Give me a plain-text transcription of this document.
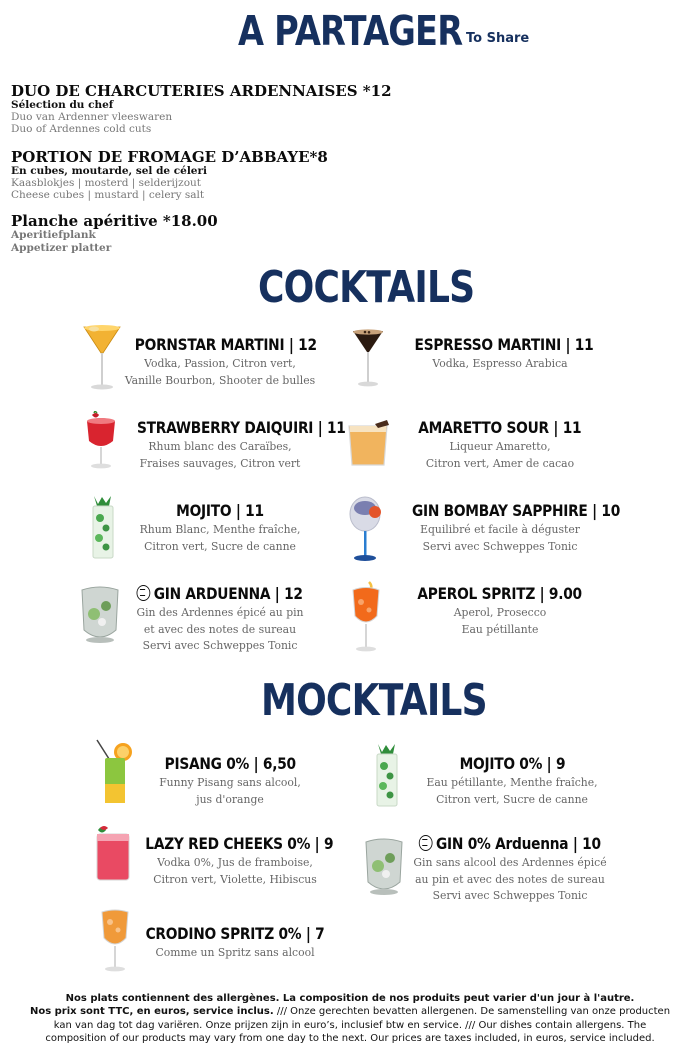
A PARTAGER To Share
DUO DE CHARCUTERIES ARDENNAISES *12
Sélection du chef
Duo van Ardenner vleeswaren
Duo of Ardennes cold cuts
PORTION DE FROMAGE D’ABBAYE*8
En cubes, moutarde, sel de céleri
Kaasblokjes | mosterd | selderijzout
Cheese cubes | mustard | celery salt
Planche apéritive *18.00
Aperitiefplank
Appetizer platter
COCKTAILS
PORNSTAR MARTINI | 12
Vodka, Passion, Citron vert,
Vanille Bourbon, Shooter de bulles
ESPRESSO MARTINI | 11
Vodka, Espresso Arabica
STRAWBERRY DAIQUIRI | 11
Rhum blanc des Caraïbes,
Fraises sauvages, Citron vert
AMARETTO SOUR | 11
Liqueur Amaretto,
Citron vert, Amer de cacao
MOJITO | 11
Rhum Blanc, Menthe fraîche,
Citron vert, Sucre de canne
GIN BOMBAY SAPPHIRE | 10
Equilibré et facile à déguster
Servi avec Schweppes Tonic
GIN ARDUENNA | 12
Gin des Ardennes épicé au pin
et avec des notes de sureau
Servi avec Schweppes Tonic
APEROL SPRITZ | 9.00
Aperol, Prosecco
Eau pétillante
MOCKTAILS
PISANG 0% | 6,50
Funny Pisang sans alcool,
jus d'orange
MOJITO 0% | 9
Eau pétillante, Menthe fraîche,
Citron vert, Sucre de canne
LAZY RED CHEEKS 0% | 9
Vodka 0%, Jus de framboise,
Citron vert, Violette, Hibiscus
GIN 0% Arduenna | 10
Gin sans alcool des Ardennes épicé
au pin et avec des notes de sureau
Servi avec Schweppes Tonic
CRODINO SPRITZ 0% | 7
Comme un Spritz sans alcool
Nos plats contiennent des allergènes. La composition de nos produits peut varier d'un jour à l'autre.
Nos prix sont TTC, en euros, service inclus. /// Onze gerechten bevatten allergenen. De samenstelling van onze producten
kan van dag tot dag variëren. Onze prijzen zijn in euro’s, inclusief btw en service. /// Our dishes contain allergens. The
composition of our products may vary from one day to the next. Our prices are taxes included, in euros, service included.
